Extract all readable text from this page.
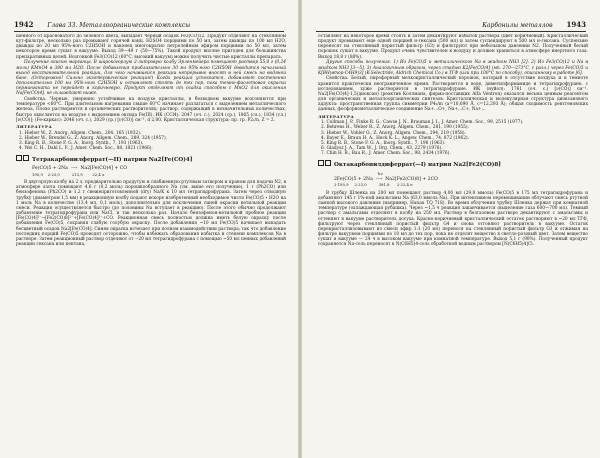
1942 Глава 33. Металлоорганические комплексы

шенного от красноватого до зеленого цвета, выпадает черный осадок Fe3(CO)12. Продукт отделяют на стеклянном кут-фильтре, несколько раз промывают горячей конц. H2SO4 порциями по 50 мл, затем дважды по 100 мл H2O, дважды по 20 мл 95%-ного C2H5OH и наконец многократно петролейным эфиром порциями по 50 мл, затем некоторое время сушат в вакууме. Выход 39—49 г (50—75%). Такой продукт вполне пригоден для большинства препаративных целей. Возгонкой Fe3(CO)12 (60°C, высокий вакуум) можно получить чистые кристаллы препарата.

Получение окисью марганца. В широкогорлую 2-литровую колбу Эрленмейера помещают раствор 55,0 г (0,24 моль) KMnO4 в 380 мл H2O. После добавления приблизительно 30 мл 95%-ного C2H5OH доводится начальный выход восстановительной реакции, для чего начавшейся реакции непрерывно вносят в ней смесь на водяной бане. (Осторожно! Сильно экзотермическая реакция!) Когда реакция успокоится, добавляют постепенно дополнительно 100 мл 95%-ного C2H5OH и оставляют стоять до тех пор, пока темно-фиолетовая окраска перманганата не перейдет в коричневую. Продукт отделяют от осадка способом с MnO2 для окисления Na[Fe(CO)4], не охлаждают ниже.

Свойства. Черные, умеренно устойчивые на воздухе кристаллы, в безводном вакууме возгоняются при температуре <60°C. При длительном нагревании свыше 60°C начинает разлагаться с выделением металлического железа. Плохо растворяется в органических растворителях; раствор, содержащий в незначительных количествах, быстро окисляется на воздухе с выделением оксида Fe(III). ИК (CCl4): 2047 (оч. с.), 2024 (ср.), 1865 (сл.), 1834 (сл.) [ν(CO)]; (Fe-каркас): 2046 (оч. с.), 2029 (ср.) [ν(CO)] см⁻¹, d 2,00. Кристаллическая структура: пр. гр. P2₁/n, Z = 2.

ЛИТЕРАТУРА
1. Hieber W., Z. Anorg. Allgem. Chem., 204, 165 (1932).
2. Hieber W., Brendel G., Z. Anorg. Allgem. Chem., 289, 324 (1957).
3. King R. B., Stone F. G. A., Inorg. Synth., 7, 193 (1963).
4. Wei C. H., Dahl L. F., J. Amer. Chem. Soc., 88, 1821 (1966).
Тетракарбонилферрат(—II) натрия Na2[Fe(CO)4]
Fe(CO)5 + 2Na  ⟶  Na2[Fe(CO)4] + CO
195,9    2·23,0          213,9        22,4 л

В двугорлую колбу на 2 л, предварительно продутую и снабженную ртутным затвором и краном для подачи N2, в атмосфере азота помещают 4,6 г (0,2 моль) порошкообразного Na (см. выше его получение), 1 г (Ph2CO) или бензофенона (Ph2CO) и 1,2 г свежеприготовленной (dry) Na/K к 10 мл тетрагидрофурана. Затем через отводную трубку (диаметром 1,5 мм) в реакционную колбу подают вскоре изобретенный необходимое число Fe(CO)5 ∙ H2O на 1 моль Na в количестве (13,4 мл, 0,1 моль), дополнительно для исключения синей окраски кетильной реакции смеси. Реакция осуществляется быстро (до половины Na вступает в реакцию). После этого обычно продолжают добавление тетрагидрофурана или NaCl, и так несколько раз. Начало бензофенон-кетильной пробное реакции [Fe(CO)4]²⁻→[Fe2(CO)8]²⁻+[Fe(CO)4]²⁻+CO. Реакционная смесь полностью должна иметь белую окраску после добавления Fe(CO)5, сохраняя слабую голубую окраску. После добавления ~10 мл Fe(CO)5 начинает выпадать бесцветный осадок Na2[Fe(CO)4]. Синяя окраска исчезает при полном взаимодействии раствора; так что добавление последних порций Fe(CO)5 проводят осторожно, чтобы избежать образования избытка и степени комплексов Na в растворе. Затем реакционный раствор отделяют от ∼20 мл тетрагидрофурана с помощью ~50 мл пенных добавлений реакции гексана или пентана,

Карбонилы металлов 1943

оставляют на некоторое время стоять и затем декантируют избыток раствора (цвет коричневый). Кристаллический продукт промывают еще одной порцией н-гексана (500 мл) и затем суспендируют в 500 мл н-гексана. Суспензию переносят на стеклянный пористый фильтр (G3) и фильтруют при небольшом давлении N2. Полученный белый порошок сушат в вакууме. Продукт очень чувствителен к воздуху и должен храниться в атмосфере инертного газа. Выход 18,8 г (88%).

Другие способы получения. 1) Из Fe(CO)5 и металлического Na в жидком NH3 [2]. 2) Из Fe3(CO)12 и Na в жидком NH3 [3—5]. 3) Аналогичным образом, через стадию K2[Fe(CO)4] (мп. 270—273°C, с разл.) через Fe(CO)5 и K[BH(втор-C4H9)3] (K-Selectride, Aldrich Chemical Co.) в ТГФ (или при 100°C по способу), описанному в работе [6].

Свойства. Белый, пирофорный мелкокристаллический порошок, который в отсутствие воздуха и в темноте хранится практически неограниченное время. Растворяется в воде, диметилформамиде и тетрагидрофуране, с исследованием, хуже растворяется в тетрагидрофуране. ИК (нуйол): 1761 (оч. с.) [ν(CO)] см⁻¹. Na2[Fe(CO)4]·1,5(диоксан) (реактив Коллмана, фирма-поставщик Alfa Ventron) оказался весьма ценным реагентом для органических и металлоорганических синтезов. Кристаллическая и молекулярная структура диоксанового аддукта: пространственная группа симметрии P4₂/m (a=10,690 Å, c=12,293 Å); общая сходимость рентгеновских данных, фосфорнометаллическое соединение Na+...O+, Na+...C+, Na+...

ЛИТЕРАТУРА
1. Collman J. P., Finke R. G., Cawse J. N., Brauman J. I., J. Amer. Chem. Soc., 99, 2515 (1977).
2. Behrens H., Weber R., Z. Anorg. Allgem. Chem., 281, 190 (1955).
3. Hieber W., Vohler O., Z. Anorg. Allgem. Chem., 294, 219 (1958).
4. Bayer E., Braun H. A., Heck K. L., Angew. Chem., 74, 872 (1962).
5. King R. B., Stone F. G. A., Inorg. Synth., 7, 196 (1963).
6. Gladysz J. A., Tam W., J. Org. Chem., 43, 2279 (1978).
7. Chin H. B., Bau R., J. Amer. Chem. Soc., 98, 2434 (1976).
Октакарбонилдиферрат(—I) натрия Na2[Fe2(CO)8]
hν
2Fe(CO)5 + 2Na  ⟶  Na2[Fe2(CO)8] + 2CO
2·195,9     2·23,0          381,8      2·22,4 л

В трубку Шленка на 200 мл помещают раствор 4,00 мл (29,8 ммоль) Fe(CO)5 в 175 мл тетрагидрофурана и добавляют 145 г 1%-ной амальгамы Na (63,0 ммоль Na). При интенсивном перемешивании облучают смесь ртутной лампой высокого давления (например, Hanau TQ 718). Во время облучения трубку Шленка держат при комнатной температуре (охлаждающая рубашка). Через ~1,5 ч реакция заканчивается (выделение газа 600—700 мл). Темный раствор с амальгамы отделяют в колбу на 250 мл. Раствор в безгазовом растворе декантируют с амальгамы и оттеняют в вакууме растворитель досуха. Красно-коричневый кристаллический остаток растворяют в ~20 мл ТГФ, фильтруют через стеклянный пористый фильтр G4 и снова отгоняют растворитель в вакууме. Остаток перекристаллизовывают из смеси эфир 1:1 (20 мл) перенося на стеклянный пористый фильтр G3 и отжимая на фильтре вакуумом порциями по 10 мл до тех пор, пока не отделят вещество в светло-розовый цвет. Затем вещество сушат в вакууме — 24 ч в высоком вакууме при комнатной температуре. Выход 5,1 г (90%). Полученный продукт сохраняется Na-соль переносят в N(C6H5)4-соль обработкой водным раствором [N(C6H5)4]Cl.
